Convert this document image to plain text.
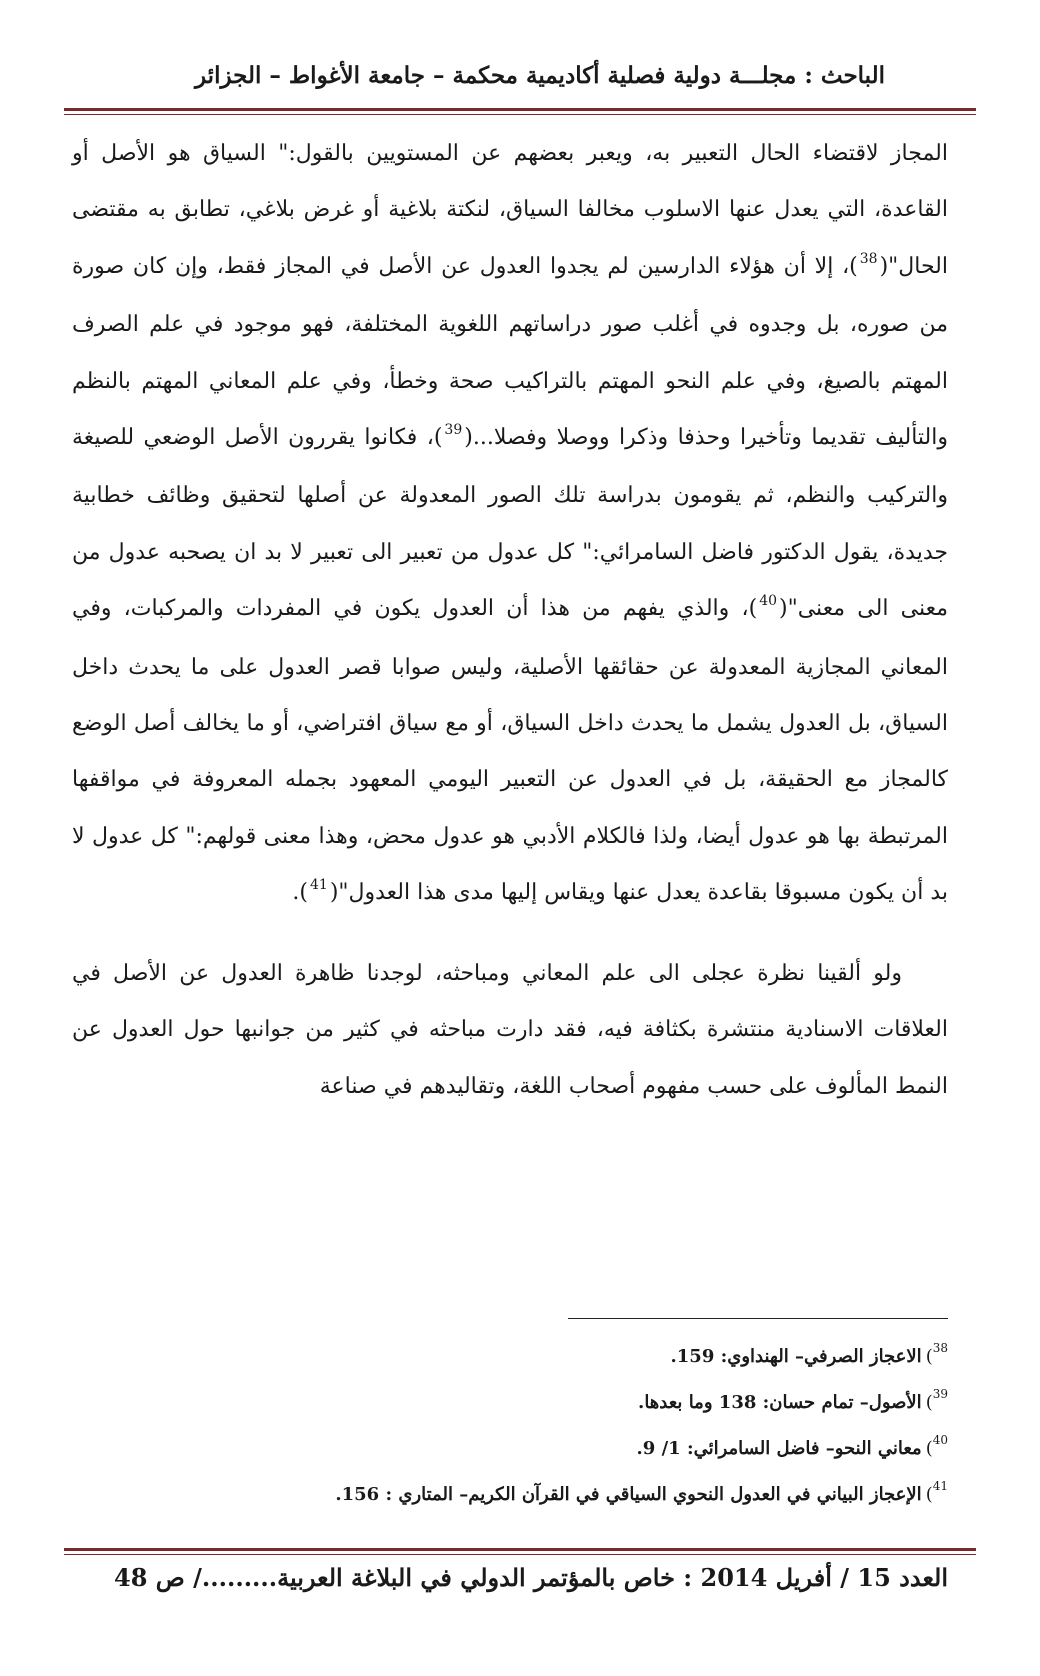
الباحث : مجلـــة دولية فصلية أكاديمية محكمة – جامعة الأغواط – الجزائر

المجاز لاقتضاء الحال التعبير به، ويعبر بعضهم عن المستويين بالقول:" السياق هو الأصل أو القاعدة، التي يعدل عنها الاسلوب مخالفا السياق، لنكتة بلاغية أو غرض بلاغي، تطابق به مقتضى الحال"($^{38}$)، إلا أن هؤلاء الدارسين لم يجدوا العدول عن الأصل في المجاز فقط، وإن كان صورة من صوره، بل وجدوه في أغلب صور دراساتهم اللغوية المختلفة، فهو موجود في علم الصرف المهتم بالصيغ، وفي علم النحو المهتم بالتراكيب صحة وخطأ، وفي علم المعاني المهتم بالنظم والتأليف تقديما وتأخيرا وحذفا وذكرا ووصلا وفصلا...($^{39}$)، فكانوا يقررون الأصل الوضعي للصيغة والتركيب والنظم، ثم يقومون بدراسة تلك الصور المعدولة عن أصلها لتحقيق وظائف خطابية جديدة، يقول الدكتور فاضل السامرائي:" كل عدول من تعبير الى تعبير لا بد ان يصحبه عدول من معنى الى معنى"($^{40}$)، والذي يفهم من هذا أن العدول يكون في المفردات والمركبات، وفي المعاني المجازية المعدولة عن حقائقها الأصلية، وليس صوابا قصر العدول على ما يحدث داخل السياق، بل العدول يشمل ما يحدث داخل السياق، أو مع سياق افتراضي، أو ما يخالف أصل الوضع كالمجاز مع الحقيقة، بل في العدول عن التعبير اليومي المعهود بجمله المعروفة في مواقفها المرتبطة بها هو عدول أيضا، ولذا فالكلام الأدبي هو عدول محض، وهذا معنى قولهم:" كل عدول لا بد أن يكون مسبوقا بقاعدة يعدل عنها ويقاس إليها مدى هذا العدول"($^{41}$).

ولو ألقينا نظرة عجلى الى علم المعاني ومباحثه، لوجدنا ظاهرة العدول عن الأصل في العلاقات الاسنادية منتشرة بكثافة فيه، فقد دارت مباحثه في كثير من جوانبها حول العدول عن النمط المألوف على حسب مفهوم أصحاب اللغة، وتقاليدهم في صناعة

$^{38}$)الاعجاز الصرفي– الهنداوي: 159.
$^{39}$)الأصول– تمام حسان: 138 وما بعدها.
$^{40}$)معاني النحو– فاضل السامرائي: 1/ 9.
$^{41}$)الإعجاز البياني في العدول النحوي السياقي في القرآن الكريم– المتاري : 156.
العدد 15 / أفريل 2014 : خاص بالمؤتمر الدولي في البلاغة العربية........./ ص 48
